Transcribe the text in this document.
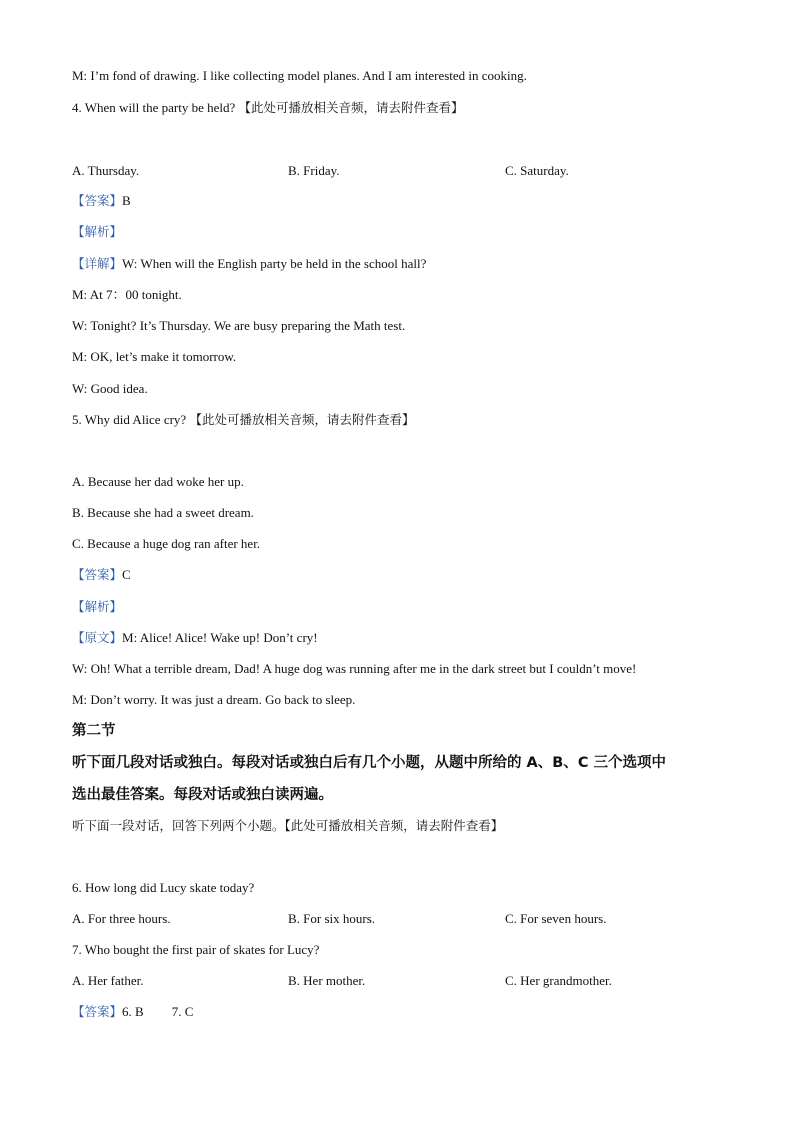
M: I’m fond of drawing. I like collecting model planes. And I am interested in cooking.
4. When will the party be held? 【此处可播放相关音频，请去附件查看】
A. Thursday.	B. Friday.	C. Saturday.
【答案】B
【解析】
【详解】W: When will the English party be held in the school hall?
M: At 7：00 tonight.
W: Tonight? It’s Thursday. We are busy preparing the Math test.
M: OK, let’s make it tomorrow.
W: Good idea.
5. Why did Alice cry? 【此处可播放相关音频，请去附件查看】
A. Because her dad woke her up.
B. Because she had a sweet dream.
C. Because a huge dog ran after her.
【答案】C
【解析】
【原文】M: Alice! Alice! Wake up! Don’t cry!
W: Oh! What a terrible dream, Dad! A huge dog was running after me in the dark street but I couldn’t move!
M: Don’t worry. It was just a dream. Go back to sleep.
第二节
听下面几段对话或独白。每段对话或独白后有几个小题，从题中所给的 A、B、C 三个选项中
选出最佳答案。每段对话或独白读两遍。
听下面一段对话，回答下列两个小题。【此处可播放相关音频，请去附件查看】
6. How long did Lucy skate today?
A. For three hours.	B. For six hours.	C. For seven hours.
7. Who bought the first pair of skates for Lucy?
A. Her father.	B. Her mother.	C. Her grandmother.
【答案】6. B 7. C
